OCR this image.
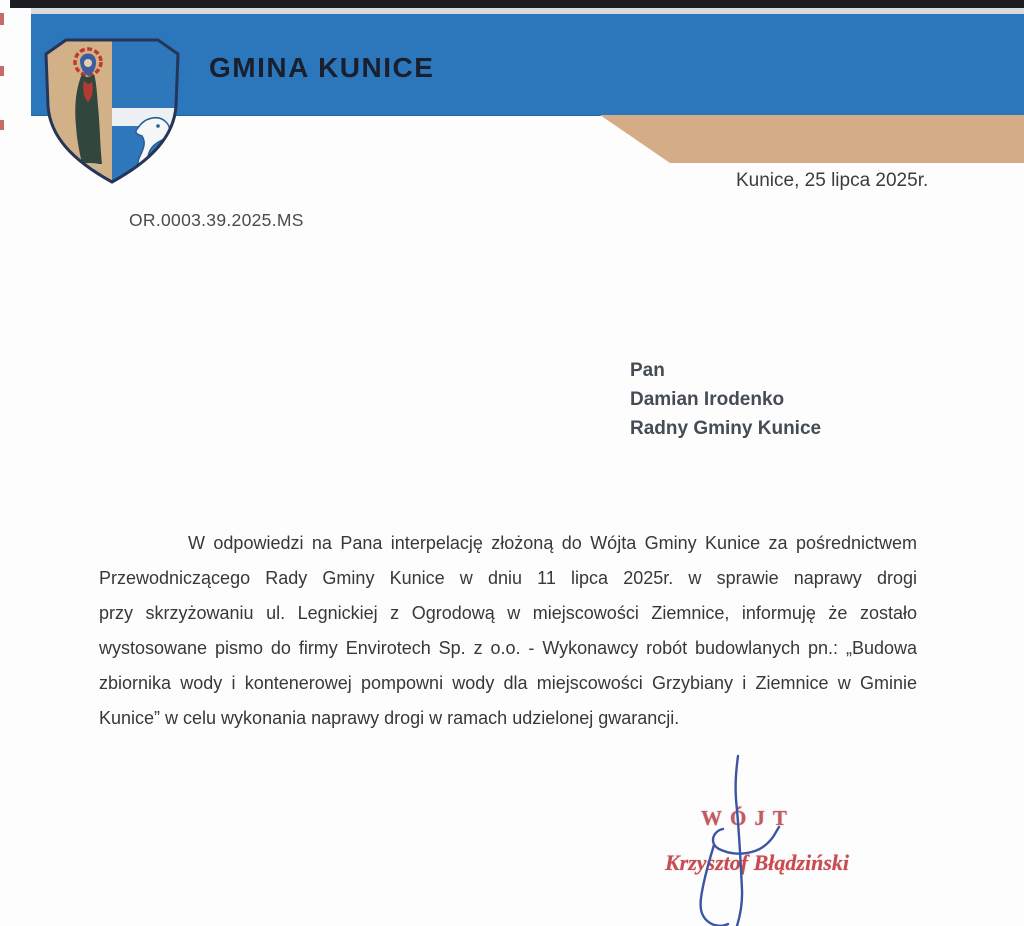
GMINA KUNICE
Kunice, 25 lipca 2025r.
OR.0003.39.2025.MS
Pan
Damian Irodenko
Radny Gminy Kunice
W odpowiedzi na Pana interpelację złożoną do Wójta Gminy Kunice za pośrednictwem
Przewodniczącego Rady Gminy Kunice w dniu 11 lipca 2025r. w sprawie naprawy drogi
przy skrzyżowaniu ul. Legnickiej z Ogrodową w miejscowości Ziemnice, informuję że zostało
wystosowane pismo do firmy Envirotech Sp. z o.o. - Wykonawcy robót budowlanych pn.: „Budowa
zbiornika wody i kontenerowej pompowni wody dla miejscowości Grzybiany i Ziemnice w Gminie
Kunice” w celu wykonania naprawy drogi w ramach udzielonej gwarancji.
WÓJT
Krzysztof Błądziński
